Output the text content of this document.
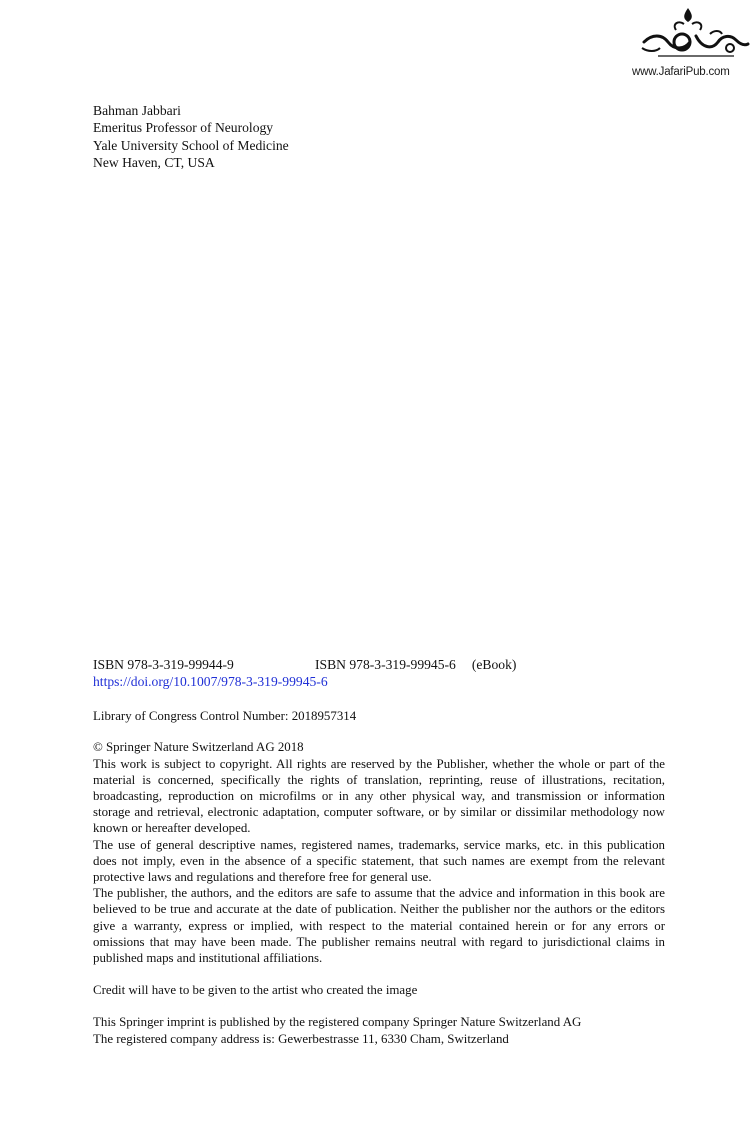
www.JafariPub.com
Bahman Jabbari
Emeritus Professor of Neurology
Yale University School of Medicine
New Haven, CT, USA
ISBN 978-3-319-99944-9	ISBN 978-3-319-99945-6 (eBook)
https://doi.org/10.1007/978-3-319-99945-6
Library of Congress Control Number: 2018957314
© Springer Nature Switzerland AG 2018
This work is subject to copyright. All rights are reserved by the Publisher, whether the whole or part of the material is concerned, specifically the rights of translation, reprinting, reuse of illustrations, recitation, broadcasting, reproduction on microfilms or in any other physical way, and transmission or information storage and retrieval, electronic adaptation, computer software, or by similar or dissimilar methodology now known or hereafter developed.
The use of general descriptive names, registered names, trademarks, service marks, etc. in this publication does not imply, even in the absence of a specific statement, that such names are exempt from the relevant protective laws and regulations and therefore free for general use.
The publisher, the authors, and the editors are safe to assume that the advice and information in this book are believed to be true and accurate at the date of publication. Neither the publisher nor the authors or the editors give a warranty, express or implied, with respect to the material contained herein or for any errors or omissions that may have been made. The publisher remains neutral with regard to jurisdictional claims in published maps and institutional affiliations.
Credit will have to be given to the artist who created the image
This Springer imprint is published by the registered company Springer Nature Switzerland AG
The registered company address is: Gewerbestrasse 11, 6330 Cham, Switzerland
